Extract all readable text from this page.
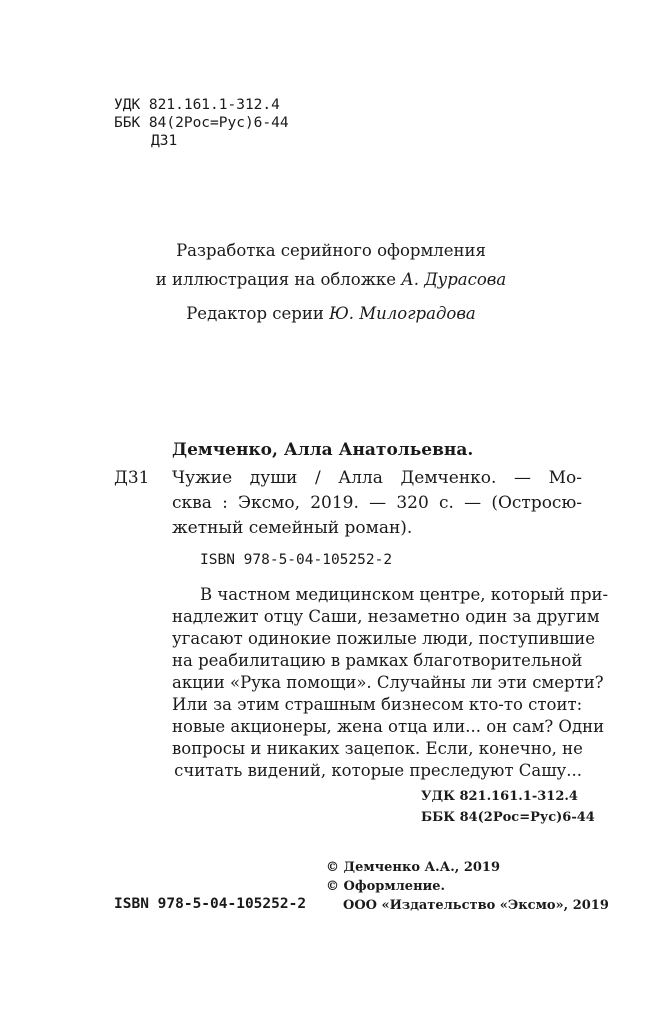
УДК 821.161.1-312.4
ББК 84(2Рос=Рус)6-44
Д31
Разработка серийного оформления
и иллюстрация на обложке А. Дурасова
Редактор серии Ю. Милоградова
Демченко, Алла Анатольевна.
Д31 Чужие души / Алла Демченко. — Мо-
сква : Эксмо, 2019. — 320 с. — (Остросю-
жетный семейный роман).
ISBN 978-5-04-105252-2
В частном медицинском центре, который при-
надлежит отцу Саши, незаметно один за другим
угасают одинокие пожилые люди, поступившие
на реабилитацию в рамках благотворительной
акции «Рука помощи». Случайны ли эти смерти?
Или за этим страшным бизнесом кто-то стоит:
новые акционеры, жена отца или... он сам? Одни
вопросы и никаких зацепок. Если, конечно, не
считать видений, которые преследуют Сашу...
УДК 821.161.1-312.4
ББК 84(2Рос=Рус)6-44
© Демченко А.А., 2019
© Оформление.
ООО «Издательство «Эксмо», 2019
ISBN 978-5-04-105252-2
